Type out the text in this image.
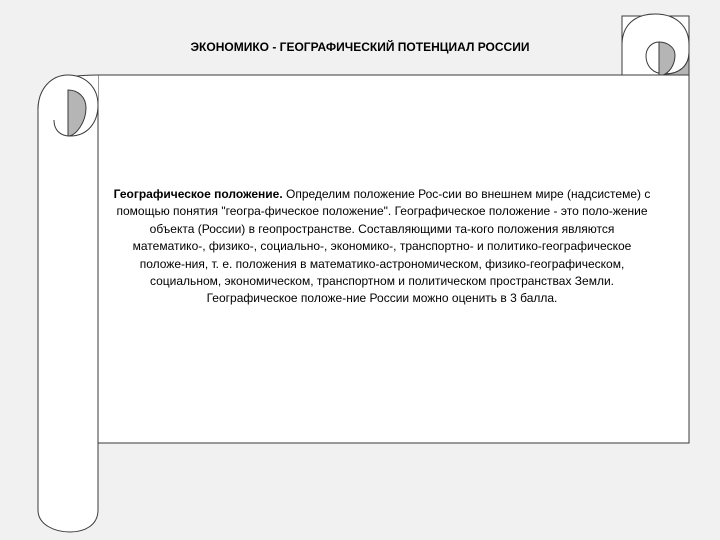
ЭКОНОМИКО - ГЕОГРАФИЧЕСКИЙ ПОТЕНЦИАЛ РОССИИ
Географическое положение. Определим положение Рос-сии во внешнем мире (надсистеме) с помощью понятия "геогра-фическое положение". Географическое положение - это поло-жение объекта (России) в геопространстве. Составляющими та-кого положения являются математико-, физико-, социально-, экономико-, транспортно- и политико-географическое положе-ния, т. е. положения в математико-астрономическом, физико-географическом, социальном, экономическом, транспортном и политическом пространствах Земли. Географическое положе-ние России можно оценить в 3 балла.
